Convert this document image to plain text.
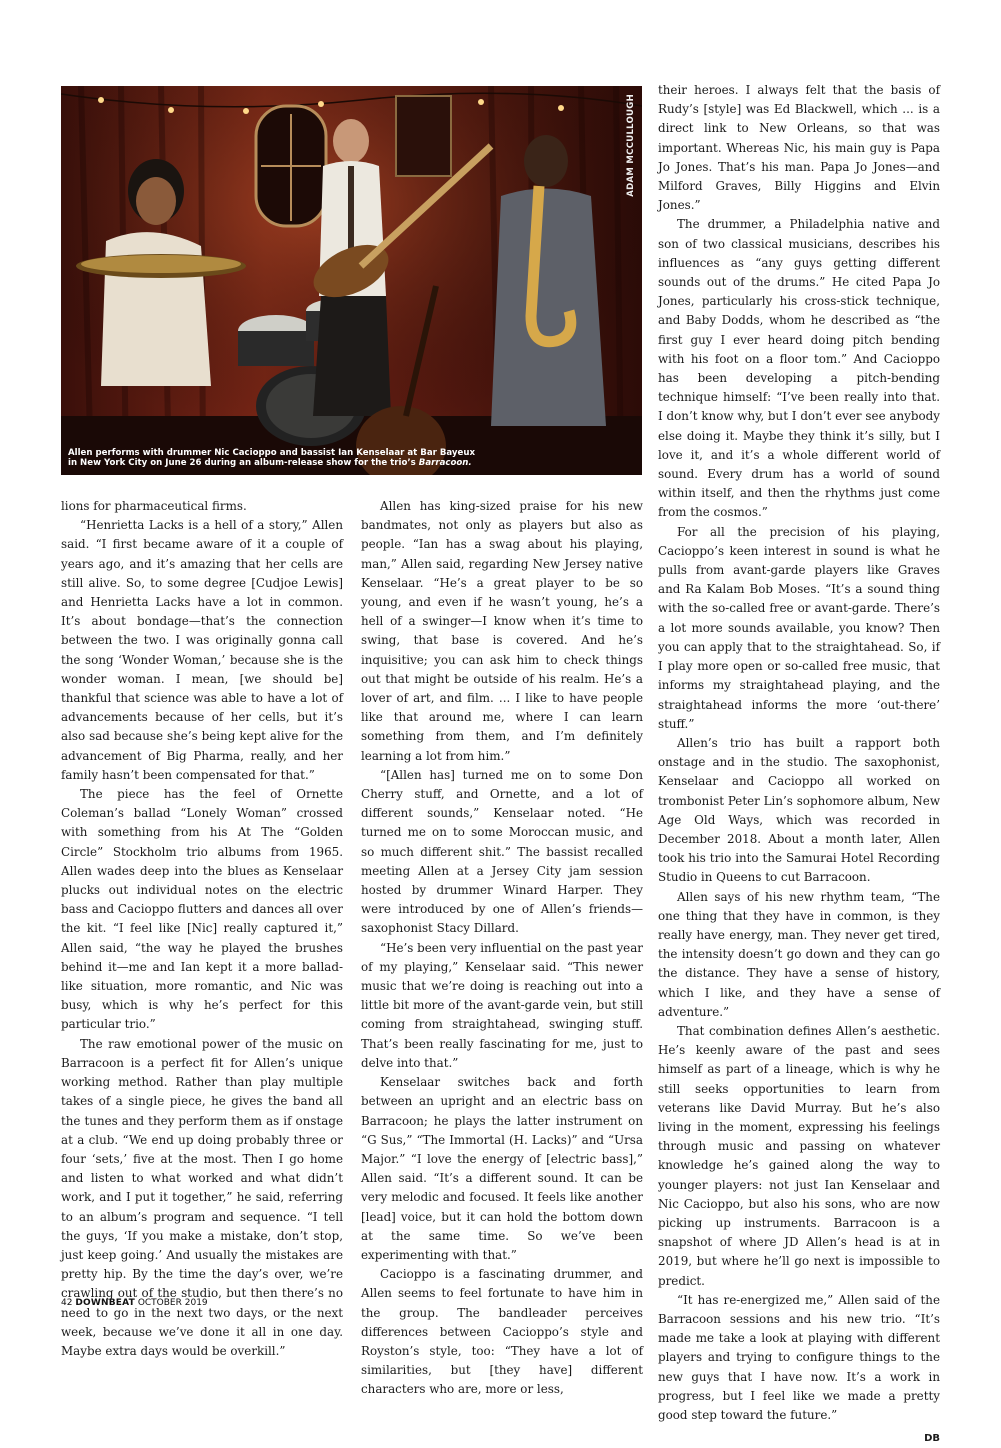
ADAM MCCULLOUGH
Allen performs with drummer Nic Cacioppo and bassist Ian Kenselaar at Bar Bayeux
in New York City on June 26 during an album-release show for the trio’s Barracoon.

lions for pharmaceutical firms.

“Henrietta Lacks is a hell of a story,” Allen said. “I first became aware of it a couple of years ago, and it’s amazing that her cells are still alive. So, to some degree [Cudjoe Lewis] and Henrietta Lacks have a lot in common. It’s about bondage—that’s the connection between the two. I was originally gonna call the song ‘Wonder Woman,’ because she is the wonder woman. I mean, [we should be] thankful that science was able to have a lot of advancements because of her cells, but it’s also sad because she’s being kept alive for the advancement of Big Pharma, really, and her family hasn’t been compensated for that.”

The piece has the feel of Ornette Coleman’s ballad “Lonely Woman” crossed with something from his At The “Golden Circle” Stockholm trio albums from 1965. Allen wades deep into the blues as Kenselaar plucks out individual notes on the electric bass and Cacioppo flutters and dances all over the kit. “I feel like [Nic] really captured it,” Allen said, “the way he played the brushes behind it—me and Ian kept it a more ballad-like situation, more romantic, and Nic was busy, which is why he’s perfect for this particular trio.”

The raw emotional power of the music on Barracoon is a perfect fit for Allen’s unique working method. Rather than play multiple takes of a single piece, he gives the band all the tunes and they perform them as if onstage at a club. “We end up doing probably three or four ‘sets,’ five at the most. Then I go home and listen to what worked and what didn’t work, and I put it together,” he said, referring to an album’s program and sequence. “I tell the guys, ‘If you make a mistake, don’t stop, just keep going.’ And usually the mistakes are pretty hip. By the time the day’s over, we’re crawling out of the studio, but then there’s no need to go in the next two days, or the next week, because we’ve done it all in one day. Maybe extra days would be overkill.”

Allen has king-sized praise for his new bandmates, not only as players but also as people. “Ian has a swag about his playing, man,” Allen said, regarding New Jersey native Kenselaar. “He’s a great player to be so young, and even if he wasn’t young, he’s a hell of a swinger—I know when it’s time to swing, that base is covered. And he’s inquisitive; you can ask him to check things out that might be outside of his realm. He’s a lover of art, and film. ... I like to have people like that around me, where I can learn something from them, and I’m definitely learning a lot from him.”

“[Allen has] turned me on to some Don Cherry stuff, and Ornette, and a lot of different sounds,” Kenselaar noted. “He turned me on to some Moroccan music, and so much different shit.” The bassist recalled meeting Allen at a Jersey City jam session hosted by drummer Winard Harper. They were introduced by one of Allen’s friends—saxophonist Stacy Dillard.

“He’s been very influential on the past year of my playing,” Kenselaar said. “This newer music that we’re doing is reaching out into a little bit more of the avant-garde vein, but still coming from straightahead, swinging stuff. That’s been really fascinating for me, just to delve into that.”

Kenselaar switches back and forth between an upright and an electric bass on Barracoon; he plays the latter instrument on “G Sus,” “The Immortal (H. Lacks)” and “Ursa Major.” “I love the energy of [electric bass],” Allen said. “It’s a different sound. It can be very melodic and focused. It feels like another [lead] voice, but it can hold the bottom down at the same time. So we’ve been experimenting with that.”

Cacioppo is a fascinating drummer, and Allen seems to feel fortunate to have him in the group. The bandleader perceives differences between Cacioppo’s style and Royston’s style, too: “They have a lot of similarities, but [they have] different characters who are, more or less,

their heroes. I always felt that the basis of Rudy’s [style] was Ed Blackwell, which ... is a direct link to New Orleans, so that was important. Whereas Nic, his main guy is Papa Jo Jones. That’s his man. Papa Jo Jones—and Milford Graves, Billy Higgins and Elvin Jones.”

The drummer, a Philadelphia native and son of two classical musicians, describes his influences as “any guys getting different sounds out of the drums.” He cited Papa Jo Jones, particularly his cross-stick technique, and Baby Dodds, whom he described as “the first guy I ever heard doing pitch bending with his foot on a floor tom.” And Cacioppo has been developing a pitch-bending technique himself: “I’ve been really into that. I don’t know why, but I don’t ever see anybody else doing it. Maybe they think it’s silly, but I love it, and it’s a whole different world of sound. Every drum has a world of sound within itself, and then the rhythms just come from the cosmos.”

For all the precision of his playing, Cacioppo’s keen interest in sound is what he pulls from avant-garde players like Graves and Ra Kalam Bob Moses. “It’s a sound thing with the so-called free or avant-garde. There’s a lot more sounds available, you know? Then you can apply that to the straightahead. So, if I play more open or so-called free music, that informs my straightahead playing, and the straightahead informs the more ‘out-there’ stuff.”

Allen’s trio has built a rapport both onstage and in the studio. The saxophonist, Kenselaar and Cacioppo all worked on trombonist Peter Lin’s sophomore album, New Age Old Ways, which was recorded in December 2018. About a month later, Allen took his trio into the Samurai Hotel Recording Studio in Queens to cut Barracoon.

Allen says of his new rhythm team, “The one thing that they have in common, is they really have energy, man. They never get tired, the intensity doesn’t go down and they can go the distance. They have a sense of history, which I like, and they have a sense of adventure.”

That combination defines Allen’s aesthetic. He’s keenly aware of the past and sees himself as part of a lineage, which is why he still seeks opportunities to learn from veterans like David Murray. But he’s also living in the moment, expressing his feelings through music and passing on whatever knowledge he’s gained along the way to younger players: not just Ian Kenselaar and Nic Cacioppo, but also his sons, who are now picking up instruments. Barracoon is a snapshot of where JD Allen’s head is at in 2019, but where he’ll go next is impossible to predict.

“It has re-energized me,” Allen said of the Barracoon sessions and his new trio. “It’s made me take a look at playing with different players and trying to configure things to the new guys that I have now. It’s a work in progress, but I feel like we made a pretty good step toward the future.”

DB
42 DOWNBEAT OCTOBER 2019
